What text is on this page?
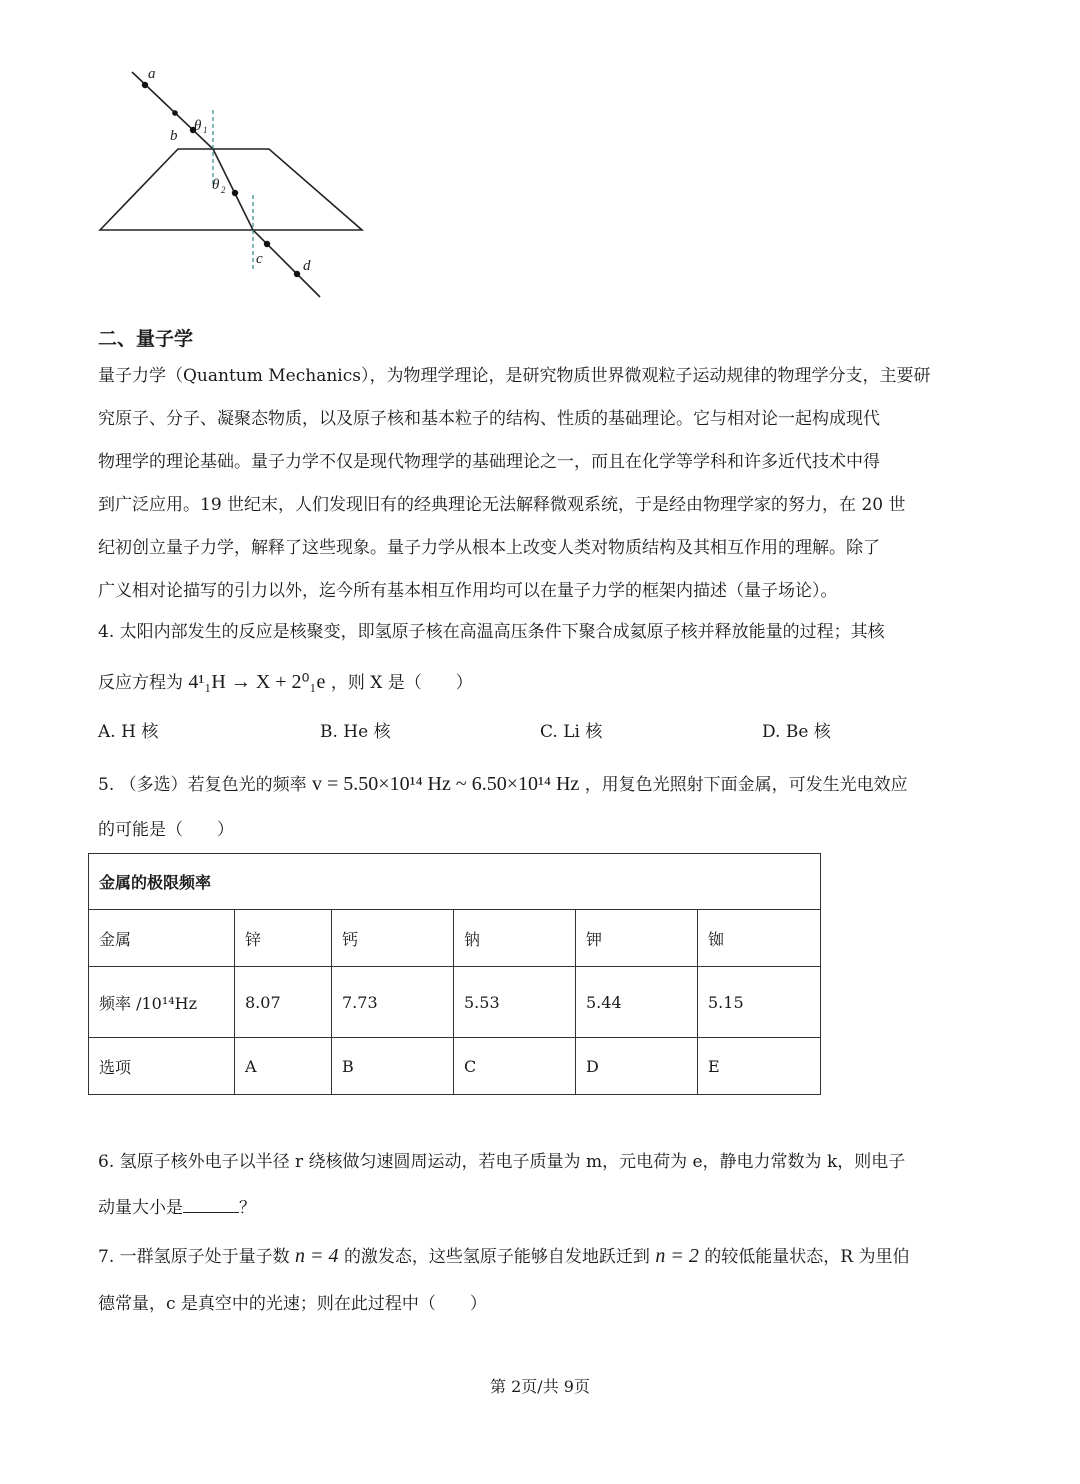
a
b
θ 1
θ 2
c	d
二、量子学
量子力学（Quantum Mechanics），为物理学理论，是研究物质世界微观粒子运动规律的物理学分支，主要研
究原子、分子、凝聚态物质，以及原子核和基本粒子的结构、性质的基础理论。它与相对论一起构成现代
物理学的理论基础。量子力学不仅是现代物理学的基础理论之一，而且在化学等学科和许多近代技术中得
到广泛应用。19 世纪末，人们发现旧有的经典理论无法解释微观系统，于是经由物理学家的努力，在 20 世
纪初创立量子力学，解释了这些现象。量子力学从根本上改变人类对物质结构及其相互作用的理解。除了
广义相对论描写的引力以外，迄今所有基本相互作用均可以在量子力学的框架内描述（量子场论）。
4. 太阳内部发生的反应是核聚变，即氢原子核在高温高压条件下聚合成氦原子核并释放能量的过程；其核
反应方程为 4¹₁H → X + 2⁰₁e ，则 X 是（　　）
A. H 核	B. He 核	C. Li 核	D. Be 核
5. （多选）若复色光的频率 v = 5.50×10¹⁴ Hz ~ 6.50×10¹⁴ Hz ，用复色光照射下面金属，可发生光电效应
的可能是（　　）
金属的极限频率					
金属	锌	钙	钠	钾	铷
频率 /10¹⁴Hz	8.07	7.73	5.53	5.44	5.15
选项	A	B	C	D	E
6. 氢原子核外电子以半径 r 绕核做匀速圆周运动，若电子质量为 m，元电荷为 e，静电力常数为 k，则电子
动量大小是	？
7. 一群氢原子处于量子数 n = 4 的激发态，这些氢原子能够自发地跃迁到 n = 2 的较低能量状态，R 为里伯
德常量，c 是真空中的光速；则在此过程中（　　）
第 2页/共 9页
